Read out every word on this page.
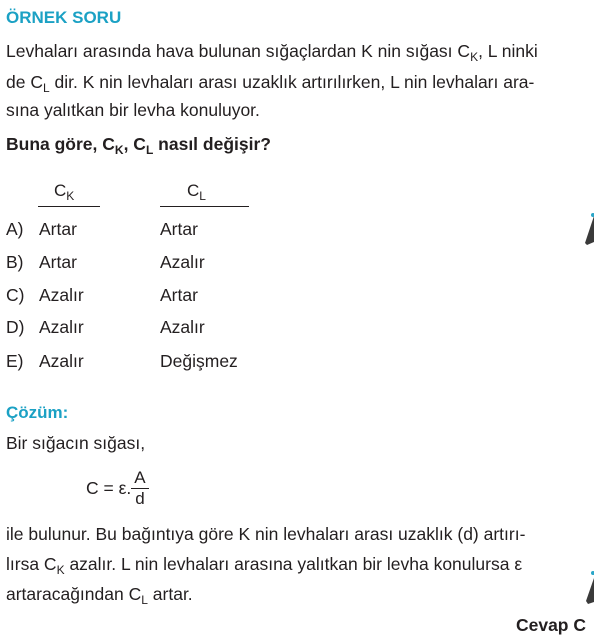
ÖRNEK SORU
Levhaları arasında hava bulunan sığaçlardan K nin sığası $C_K$, L ninki
de $C_L$ dir. K nin levhaları arası uzaklık artırılırken, L nin levhaları ara-
sına yalıtkan bir levha konuluyor.
Buna göre, $C_K$, $C_L$ nasıl değişir?
$C_K$	$C_L$
A) Artar	Artar
B) Artar	Azalır
C) Azalır	Artar
D) Azalır	Azalır
E) Azalır	Değişmez
Çözüm:
Bir sığacın sığası,
C = ε. $\frac{A}{d}$
ile bulunur. Bu bağıntıya göre K nin levhaları arası uzaklık (d) artırı-
lırsa $C_K$ azalır. L nin levhaları arasına yalıtkan bir levha konulursa ε
artaracağından $C_L$ artar.
Cevap C
